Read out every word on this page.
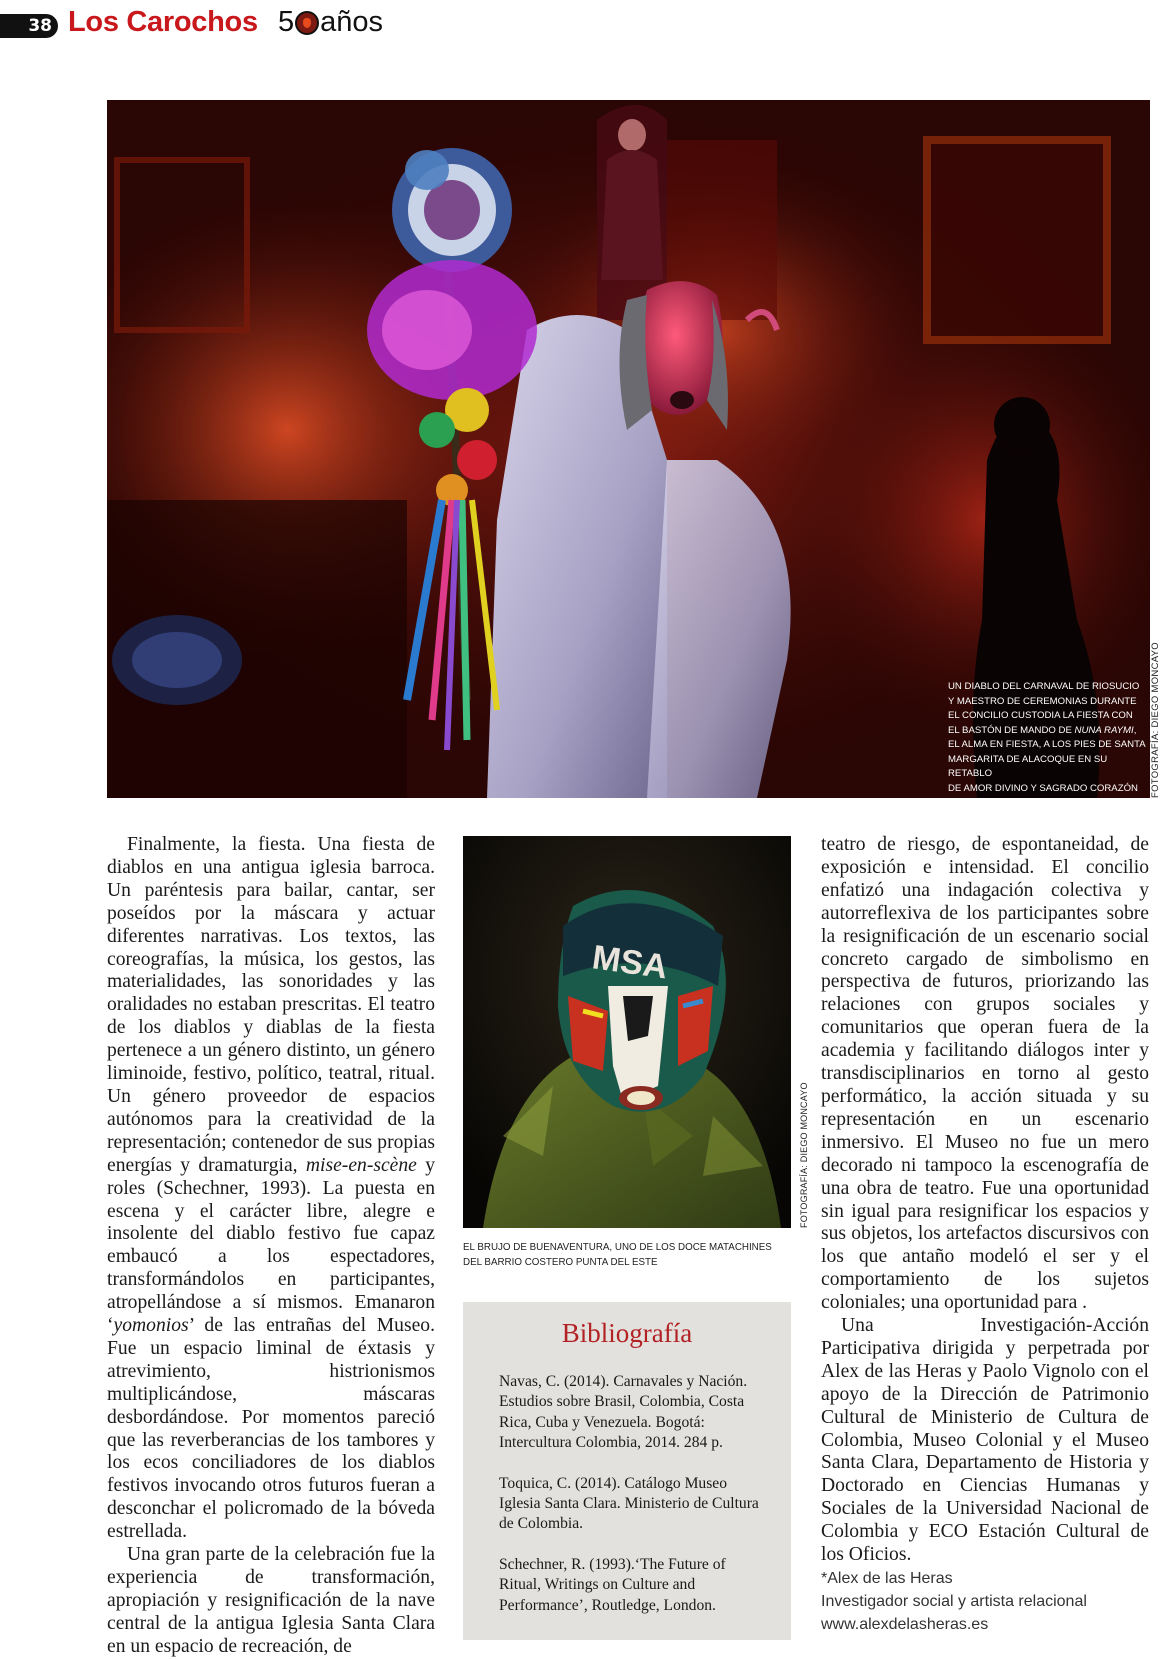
38 Los Carochos 5 años
UN DIABLO DEL CARNAVAL DE RIOSUCIO
Y MAESTRO DE CEREMONIAS DURANTE
EL CONCILIO CUSTODIA LA FIESTA CON
EL BASTÓN DE MANDO DE NUNA RAYMI,
EL ALMA EN FIESTA, A LOS PIES DE SANTA
MARGARITA DE ALACOQUE EN SU RETABLO
DE AMOR DIVINO Y SAGRADO CORAZÓN	FOTOGRAFÍA: DIEGO MONCAYO

Finalmente, la fiesta. Una fiesta de diablos en una antigua iglesia barroca. Un paréntesis para bailar, cantar, ser poseídos por la máscara y actuar diferentes narrativas. Los textos, las coreografías, la música, los gestos, las materialidades, las sonoridades y las oralidades no estaban prescritas. El teatro de los diablos y diablas de la fiesta pertenece a un género distinto, un género liminoide, festivo, político, teatral, ritual. Un género proveedor de espacios autónomos para la creatividad de la representación; contenedor de sus propias energías y dramaturgia, mise-en-scène y roles (Schechner, 1993). La puesta en escena y el carácter libre, alegre e insolente del diablo festivo fue capaz embaucó a los espectadores, transformándolos en participantes, atropellándose a sí mismos. Emanaron ‘yomonios’ de las entrañas del Museo. Fue un espacio liminal de éxtasis y atrevimiento, histrionismos multiplicándose, máscaras desbordándose. Por momentos pareció que las reverberancias de los tambores y los ecos conciliadores de los diablos festivos invocando otros futuros fueran a desconchar el policromado de la bóveda estrellada.

Una gran parte de la celebración fue la experiencia de transformación, apropiación y resignificación de la nave central de la antigua Iglesia Santa Clara en un espacio de recreación, de

MSA
FOTOGRAFÍA: DIEGO MONCAYO
EL BRUJO DE BUENAVENTURA, UNO DE LOS DOCE MATACHINES DEL BARRIO COSTERO PUNTA DEL ESTE
Bibliografía

Navas, C. (2014). Carnavales y Nación. Estudios sobre Brasil, Colombia, Costa Rica, Cuba y Venezuela. Bogotá: Intercultura Colombia, 2014. 284 p.

Toquica, C. (2014). Catálogo Museo Iglesia Santa Clara. Ministerio de Cultura de Colombia.

Schechner, R. (1993).‘The Future of Ritual, Writings on Culture and Performance’, Routledge, London.

teatro de riesgo, de espontaneidad, de exposición e intensidad. El concilio enfatizó una indagación colectiva y autorreflexiva de los participantes sobre la resignificación de un escenario social concreto cargado de simbolismo en perspectiva de futuros, priorizando las relaciones con grupos sociales y comunitarios que operan fuera de la academia y facilitando diálogos inter y transdisciplinarios en torno al gesto performático, la acción situada y su representación en un escenario inmersivo. El Museo no fue un mero decorado ni tampoco la escenografía de una obra de teatro. Fue una oportunidad sin igual para resignificar los espacios y sus objetos, los artefactos discursivos con los que antaño modeló el ser y el comportamiento de los sujetos coloniales; una oportunidad para .

Una Investigación-Acción Participativa dirigida y perpetrada por Alex de las Heras y Paolo Vignolo con el apoyo de la Dirección de Patrimonio Cultural de Ministerio de Cultura de Colombia, Museo Colonial y el Museo Santa Clara, Departamento de Historia y Doctorado en Ciencias Humanas y Sociales de la Universidad Nacional de Colombia y ECO Estación Cultural de los Oficios.

*Alex de las Heras
Investigador social y artista relacional
www.alexdelasheras.es
